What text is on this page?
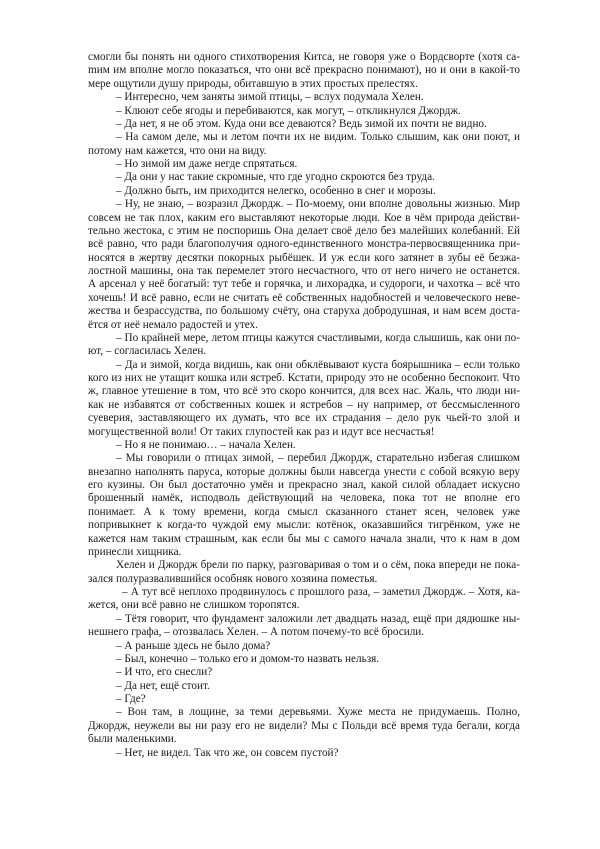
смогли бы понять ни одного стихотворения Китса, не говоря уже о Вордсворте (хотя саmим им вполне могло показаться, что они всё прекрасно понимают), но и они в какой-то мере ощутили душу природы, обитавшую в этих простых прелестях.

– Интересно, чем заняты зимой птицы, – вслух подумала Хелен.

– Клюют себе ягоды и перебиваются, как могут, – откликнулся Джордж.

– Да нет, я не об этом. Куда они все деваются? Ведь зимой их почти не видно.

– На самом деле, мы и летом почти их не видим. Только слышим, как они поют, и потому нам кажется, что они на виду.

– Но зимой им даже негде спрятаться.

– Да они у нас такие скромные, что где угодно скроются без труда.

– Должно быть, им приходится нелегко, особенно в снег и морозы.

– Ну, не знаю, – возразил Джордж. – По-моему, они вполне довольны жизнью. Мир совсем не так плох, каким его выставляют некоторые люди. Кое в чём природа действительно жестока, с этим не поспоришь Она делает своё дело без малейших колебаний. Ей всё равно, что ради благополучия одного-единственного монстра-первосвященника приносятся в жертву десятки покорных рыбёшек. И уж если кого затянет в зубы её безжалостной машины, она так перемелет этого несчастного, что от него ничего не останется. А арсенал у неё богатый: тут тебе и горячка, и лихорадка, и судороги, и чахотка – всё что хочешь! И всё равно, если не считать её собственных надобностей и человеческого невежества и безрассудства, по большому счёту, она старуха добродушная, и нам всем достаётся от неё немало радостей и утех.

– По крайней мере, летом птицы кажутся счастливыми, когда слышишь, как они поют, – согласилась Хелен.

– Да и зимой, когда видишь, как они обклёвывают куста боярышника – если только кого из них не утащит кошка или ястреб. Кстати, природу это не особенно беспокоит. Что ж, главное утешение в том, что всё это скоро кончится, для всех нас. Жаль, что люди никак не избавятся от собственных кошек и ястребов – ну например, от бессмысленного суеверия, заставляющего их думать, что все их страдания – дело рук чьей-то злой и могущественной воли! От таких глупостей как раз и идут все несчастья!

– Но я не понимаю… – начала Хелен.

– Мы говорили о птицах зимой, – перебил Джордж, старательно избегая слишком внезапно наполнять паруса, которые должны были навсегда унести с собой всякую веру его кузины. Он был достаточно умён и прекрасно знал, какой силой обладает искусно брошенный намёк, исподволь действующий на человека, пока тот не вполне его понимает. А к тому времени, когда смысл сказанного станет ясен, человек уже попривыкнет к когда-то чуждой ему мысли: котёнок, оказавшийся тигрёнком, уже не кажется нам таким страшным, как если бы мы с самого начала знали, что к нам в дом принесли хищника.

Хелен и Джордж брели по парку, разговаривая о том и о сём, пока впереди не показался полуразвалившийся особняк нового хозяина поместья.

– А тут всё неплохо продвинулось с прошлого раза, – заметил Джордж. – Хотя, кажется, они всё равно не слишком торопятся.

– Тётя говорит, что фундамент заложили лет двадцать назад, ещё при дядюшке нынешнего графа, – отозвалась Хелен. – А потом почему-то всё бросили.

– А раньше здесь не было дома?

– Был, конечно – только его и домом-то назвать нельзя.

– И что, его снесли?

– Да нет, ещё стоит.

– Где?

– Вон там, в лощине, за теми деревьями. Хуже места не придумаешь. Полно, Джордж, неужели вы ни разу его не видели? Мы с Польди всё время туда бегали, когда были маленькими.

– Нет, не видел. Так что же, он совсем пустой?
